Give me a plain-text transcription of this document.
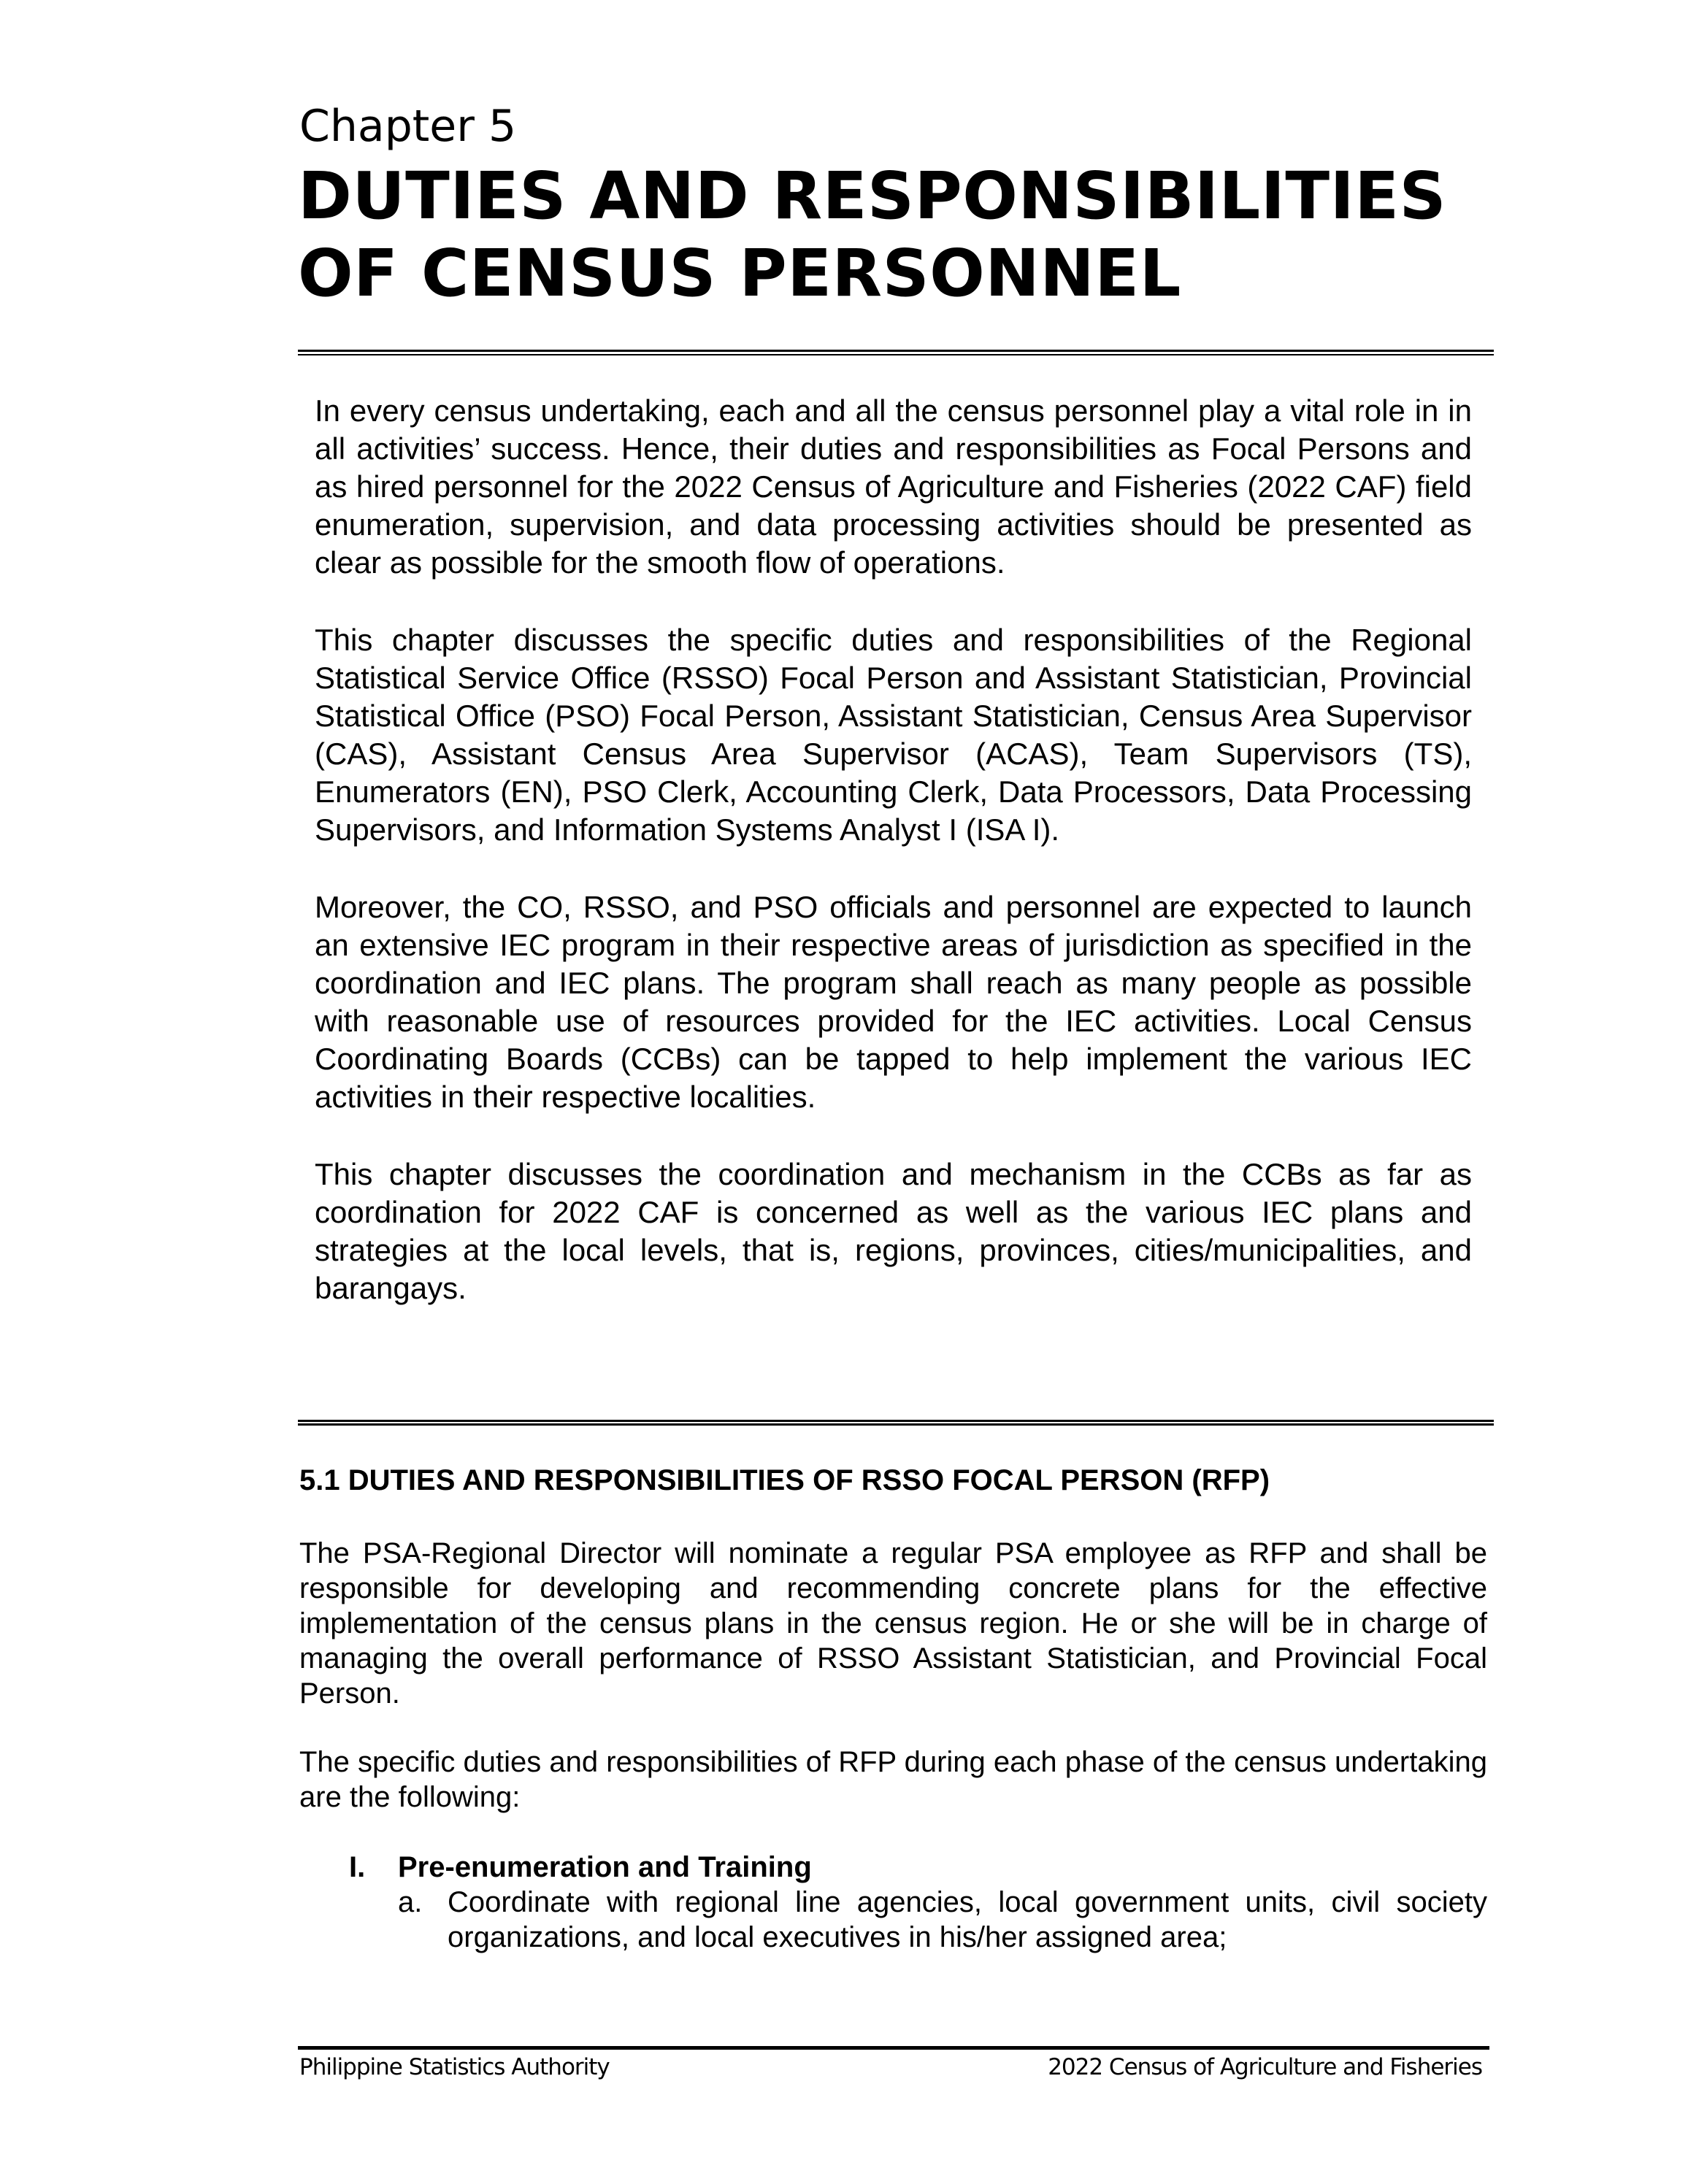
Chapter 5
DUTIES AND RESPONSIBILITIES
OF CENSUS PERSONNEL

In every census undertaking, each and all the census personnel play a vital role in in all activities’ success. Hence, their duties and responsibilities as Focal Persons and as hired personnel for the 2022 Census of Agriculture and Fisheries (2022 CAF) field enumeration, supervision, and data processing activities should be presented as clear as possible for the smooth flow of operations.

This chapter discusses the specific duties and responsibilities of the Regional Statistical Service Office (RSSO) Focal Person and Assistant Statistician, Provincial Statistical Office (PSO) Focal Person, Assistant Statistician, Census Area Supervisor (CAS), Assistant Census Area Supervisor (ACAS), Team Supervisors (TS), Enumerators (EN), PSO Clerk, Accounting Clerk, Data Processors, Data Processing Supervisors, and Information Systems Analyst I (ISA I).

Moreover, the CO, RSSO, and PSO officials and personnel are expected to launch an extensive IEC program in their respective areas of jurisdiction as specified in the coordination and IEC plans. The program shall reach as many people as possible with reasonable use of resources provided for the IEC activities. Local Census Coordinating Boards (CCBs) can be tapped to help implement the various IEC activities in their respective localities.

This chapter discusses the coordination and mechanism in the CCBs as far as coordination for 2022 CAF is concerned as well as the various IEC plans and strategies at the local levels, that is, regions, provinces, cities/municipalities, and barangays.

5.1 DUTIES AND RESPONSIBILITIES OF RSSO FOCAL PERSON (RFP)

The PSA-Regional Director will nominate a regular PSA employee as RFP and shall be responsible for developing and recommending concrete plans for the effective implementation of the census plans in the census region. He or she will be in charge of managing the overall performance of RSSO Assistant Statistician, and Provincial Focal Person.

The specific duties and responsibilities of RFP during each phase of the census undertaking are the following:

I. Pre-enumeration and Training
a. Coordinate with regional line agencies, local government units, civil society organizations, and local executives in his/her assigned area;
Philippine Statistics Authority	2022 Census of Agriculture and Fisheries
